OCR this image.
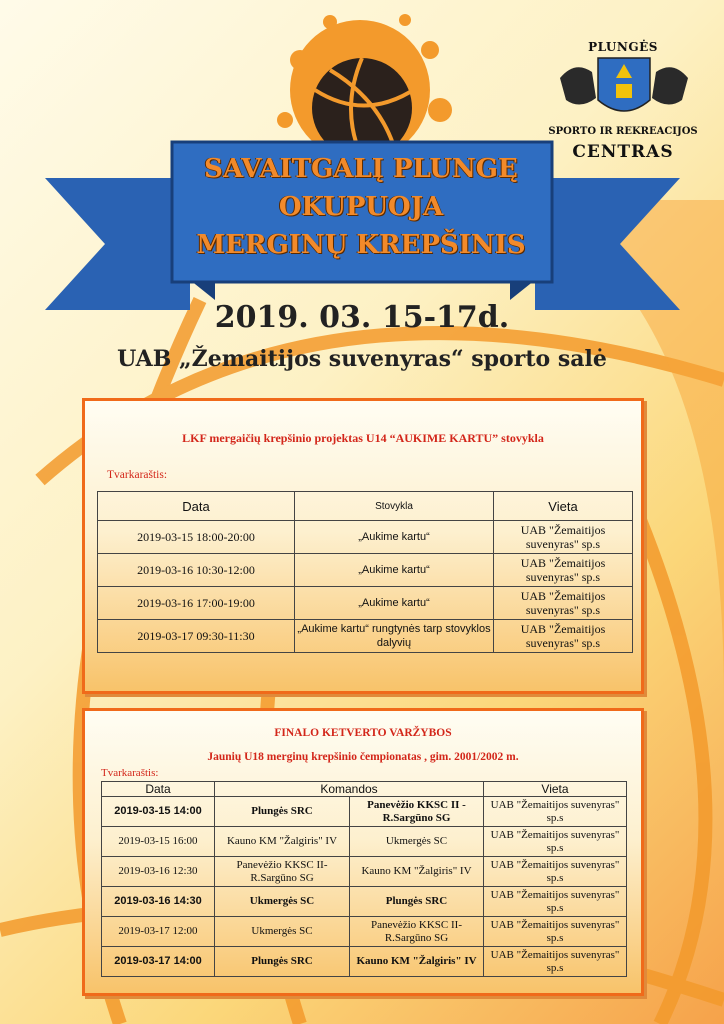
PLUNGĖS
SPORTO IR REKREACIJOS
CENTRAS
SAVAITGALĮ PLUNGĘ
OKUPUOJA
MERGINŲ KREPŠINIS
2019. 03. 15-17d.
UAB „Žemaitijos suvenyras“ sporto salė
LKF mergaičių krepšinio projektas U14 “AUKIME KARTU” stovykla
Tvarkaraštis:
Data	Stovykla	Vieta
2019-03-15 18:00-20:00	„Aukime kartu“	UAB "Žemaitijos suvenyras" sp.s
2019-03-16 10:30-12:00	„Aukime kartu“	UAB "Žemaitijos suvenyras" sp.s
2019-03-16 17:00-19:00	„Aukime kartu“	UAB "Žemaitijos suvenyras" sp.s
2019-03-17 09:30-11:30	„Aukime kartu“ rungtynės tarp stovyklos dalyvių	UAB "Žemaitijos suvenyras" sp.s
FINALO KETVERTO VARŽYBOS
Jaunių U18 merginų krepšinio čempionatas , gim. 2001/2002 m.
Tvarkaraštis:
Data	Komandos		Vieta
2019-03-15 14:00	Plungės SRC	Panevėžio KKSC II - R.Sargūno SG	UAB "Žemaitijos suvenyras" sp.s
2019-03-15 16:00	Kauno KM "Žalgiris" IV	Ukmergės SC	UAB "Žemaitijos suvenyras" sp.s
2019-03-16 12:30	Panevėžio KKSC II- R.Sargūno SG	Kauno KM "Žalgiris" IV	UAB "Žemaitijos suvenyras" sp.s
2019-03-16 14:30	Ukmergės SC	Plungės SRC	UAB "Žemaitijos suvenyras" sp.s
2019-03-17 12:00	Ukmergės SC	Panevėžio KKSC II- R.Sargūno SG	UAB "Žemaitijos suvenyras" sp.s
2019-03-17 14:00	Plungės SRC	Kauno KM "Žalgiris" IV	UAB "Žemaitijos suvenyras" sp.s
